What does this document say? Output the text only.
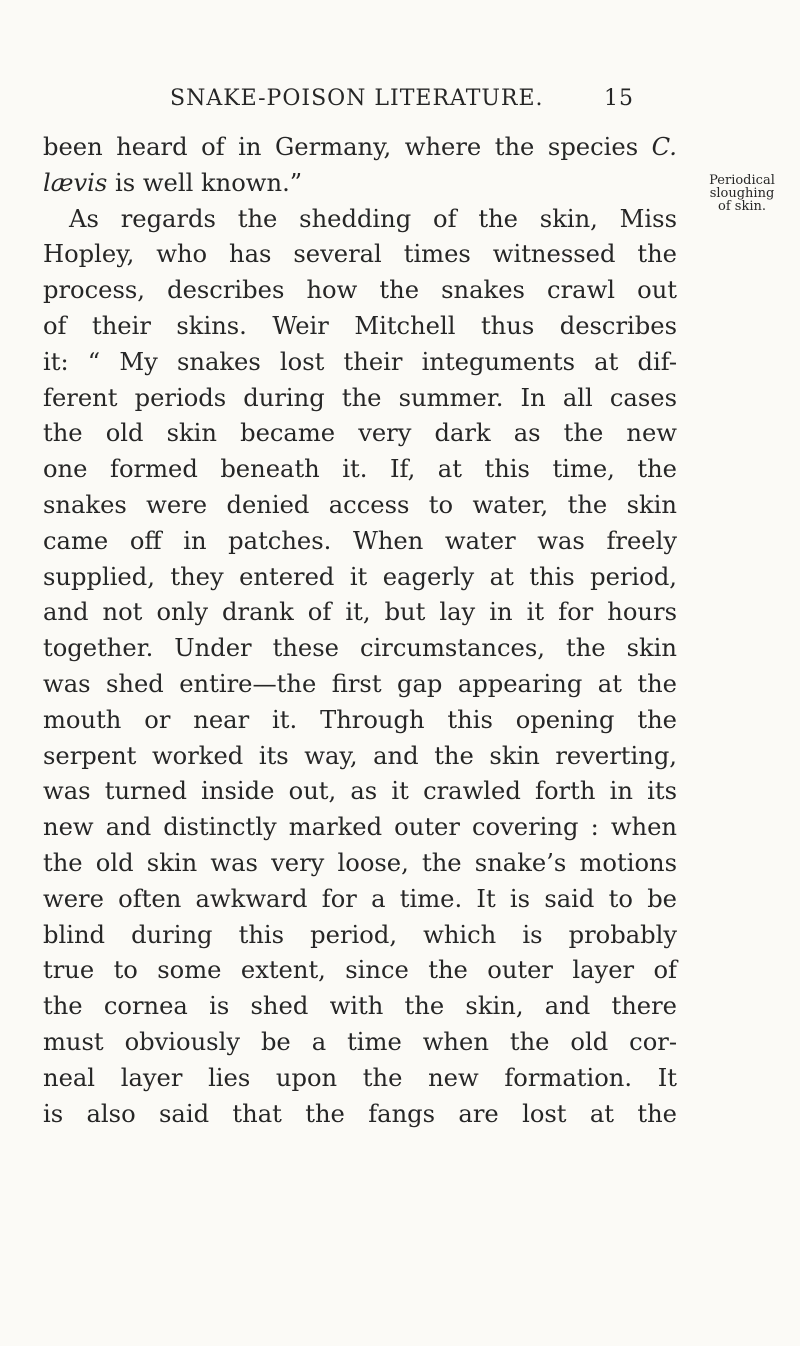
SNAKE-POISON LITERATURE.	15
Periodical
sloughing
of skin.
been heard of in Germany, where the species C.
lævis is well known.”
As regards the shedding of the skin, Miss
Hopley, who has several times witnessed the
process, describes how the snakes crawl out
of their skins. Weir Mitchell thus describes
it: “ My snakes lost their integuments at dif-
ferent periods during the summer. In all cases
the old skin became very dark as the new
one formed beneath it. If, at this time, the
snakes were denied access to water, the skin
came off in patches. When water was freely
supplied, they entered it eagerly at this period,
and not only drank of it, but lay in it for hours
together. Under these circumstances, the skin
was shed entire—the first gap appearing at the
mouth or near it. Through this opening the
serpent worked its way, and the skin reverting,
was turned inside out, as it crawled forth in its
new and distinctly marked outer covering : when
the old skin was very loose, the snake’s motions
were often awkward for a time. It is said to be
blind during this period, which is probably
true to some extent, since the outer layer of
the cornea is shed with the skin, and there
must obviously be a time when the old cor-
neal layer lies upon the new formation. It
is also said that the fangs are lost at the
